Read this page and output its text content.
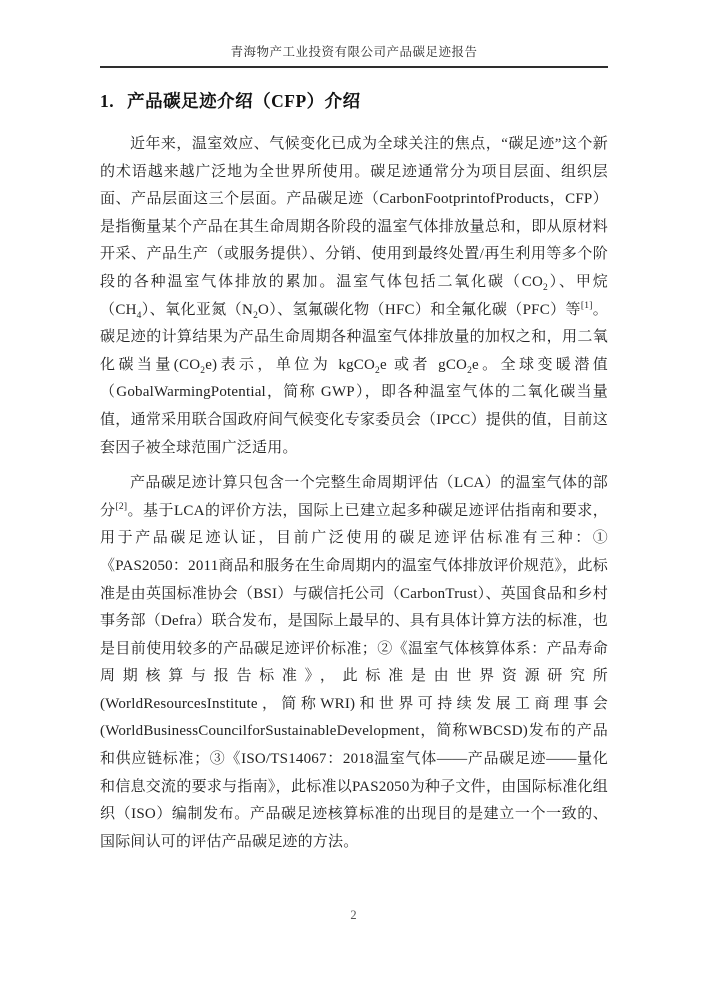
青海物产工业投资有限公司产品碳足迹报告
1. 产品碳足迹介绍（CFP）介绍

近年来，温室效应、气候变化已成为全球关注的焦点，“碳足迹”这个新的术语越来越广泛地为全世界所使用。碳足迹通常分为项目层面、组织层面、产品层面这三个层面。产品碳足迹（CarbonFootprintofProducts，CFP）是指衡量某个产品在其生命周期各阶段的温室气体排放量总和，即从原材料开采、产品生产（或服务提供）、分销、使用到最终处置/再生利用等多个阶段的各种温室气体排放的累加。温室气体包括二氧化碳$(CO_2)$、甲烷$(CH_4)$、氧化亚氮$(N_2O)$、氢氟碳化物（HFC）和全氟化碳（PFC）等[1]。碳足迹的计算结果为产品生命周期各种温室气体排放量的加权之和，用二氧化碳当量$(CO_2e)$表示，单位为 kgCO$_2$e 或者 gCO$_2$e。全球变暖潜值（GobalWarmingPotential，简称 GWP），即各种温室气体的二氧化碳当量值，通常采用联合国政府间气候变化专家委员会（IPCC）提供的值，目前这套因子被全球范围广泛适用。

产品碳足迹计算只包含一个完整生命周期评估（LCA）的温室气体的部分[2]。基于LCA的评价方法，国际上已建立起多种碳足迹评估指南和要求，用于产品碳足迹认证，目前广泛使用的碳足迹评估标准有三种：①《PAS2050：2011商品和服务在生命周期内的温室气体排放评价规范》，此标准是由英国标准协会（BSI）与碳信托公司（CarbonTrust）、英国食品和乡村事务部（Defra）联合发布，是国际上最早的、具有具体计算方法的标准，也是目前使用较多的产品碳足迹评价标准；②《温室气体核算体系：产品寿命周期核算与报告标准》，此标准是由世界资源研究所(WorldResourcesInstitute，简称WRI)和世界可持续发展工商理事会(WorldBusinessCouncilforSustainableDevelopment，简称WBCSD)发布的产品和供应链标准；③《ISO/TS14067：2018温室气体——产品碳足迹——量化和信息交流的要求与指南》，此标准以PAS2050为种子文件，由国际标准化组织（ISO）编制发布。产品碳足迹核算标准的出现目的是建立一个一致的、国际间认可的评估产品碳足迹的方法。

2
